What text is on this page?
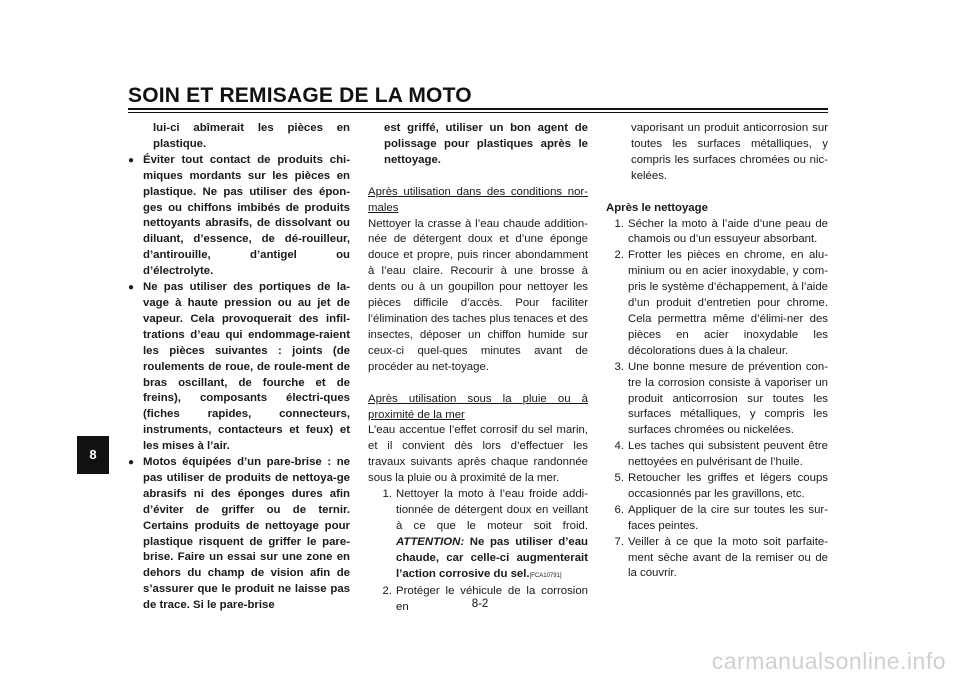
SOIN ET REMISAGE DE LA MOTO
8

lui-ci abîmerait les pièces en plastique.

● Éviter tout contact de produits chi-miques mordants sur les pièces en plastique. Ne pas utiliser des épon-ges ou chiffons imbibés de produits nettoyants abrasifs, de dissolvant ou diluant, d’essence, de dé-rouilleur, d’antirouille, d’antigel ou d’électrolyte.
● Ne pas utiliser des portiques de la-vage à haute pression ou au jet de vapeur. Cela provoquerait des infil-trations d’eau qui endommage-raient les pièces suivantes : joints (de roulements de roue, de roule-ment de bras oscillant, de fourche et de freins), composants électri-ques (fiches rapides, connecteurs, instruments, contacteurs et feux) et les mises à l’air.
● Motos équipées d’un pare-brise : ne pas utiliser de produits de nettoya-ge abrasifs ni des éponges dures afin d’éviter de griffer ou de ternir. Certains produits de nettoyage pour plastique risquent de griffer le pare-brise. Faire un essai sur une zone en dehors du champ de vision afin de s’assurer que le produit ne laisse pas de trace. Si le pare-brise

est griffé, utiliser un bon agent de polissage pour plastiques après le nettoyage.

Après utilisation dans des conditions nor-males

Nettoyer la crasse à l’eau chaude addition-née de détergent doux et d’une éponge douce et propre, puis rincer abondamment à l’eau claire. Recourir à une brosse à dents ou à un goupillon pour nettoyer les pièces difficile d’accès. Pour faciliter l’élimination des taches plus tenaces et des insectes, déposer un chiffon humide sur ceux-ci quel-ques minutes avant de procéder au net-toyage.

Après utilisation sous la pluie ou à proximité de la mer

L’eau accentue l’effet corrosif du sel marin, et il convient dès lors d’effectuer les travaux suivants après chaque randonnée sous la pluie ou à proximité de la mer.

1. Nettoyer la moto à l’eau froide addi-tionnée de détergent doux en veillant à ce que le moteur soit froid. ATTENTION: Ne pas utiliser d’eau chaude, car celle-ci augmenterait l’action corrosive du sel.[FCA10791]
2. Protéger le véhicule de la corrosion en

vaporisant un produit anticorrosion sur toutes les surfaces métalliques, y compris les surfaces chromées ou nic-kelées.

Après le nettoyage

1. Sécher la moto à l’aide d’une peau de chamois ou d’un essuyeur absorbant.
2. Frotter les pièces en chrome, en alu-minium ou en acier inoxydable, y com-pris le système d’échappement, à l’aide d’un produit d’entretien pour chrome. Cela permettra même d’élimi-ner des pièces en acier inoxydable les décolorations dues à la chaleur.
3. Une bonne mesure de prévention con-tre la corrosion consiste à vaporiser un produit anticorrosion sur toutes les surfaces métalliques, y compris les surfaces chromées ou nickelées.
4. Les taches qui subsistent peuvent être nettoyées en pulvérisant de l’huile.
5. Retoucher les griffes et légers coups occasionnés par les gravillons, etc.
6. Appliquer de la cire sur toutes les sur-faces peintes.
7. Veiller à ce que la moto soit parfaite-ment sèche avant de la remiser ou de la couvrir.
8-2
carmanualsonline.info
